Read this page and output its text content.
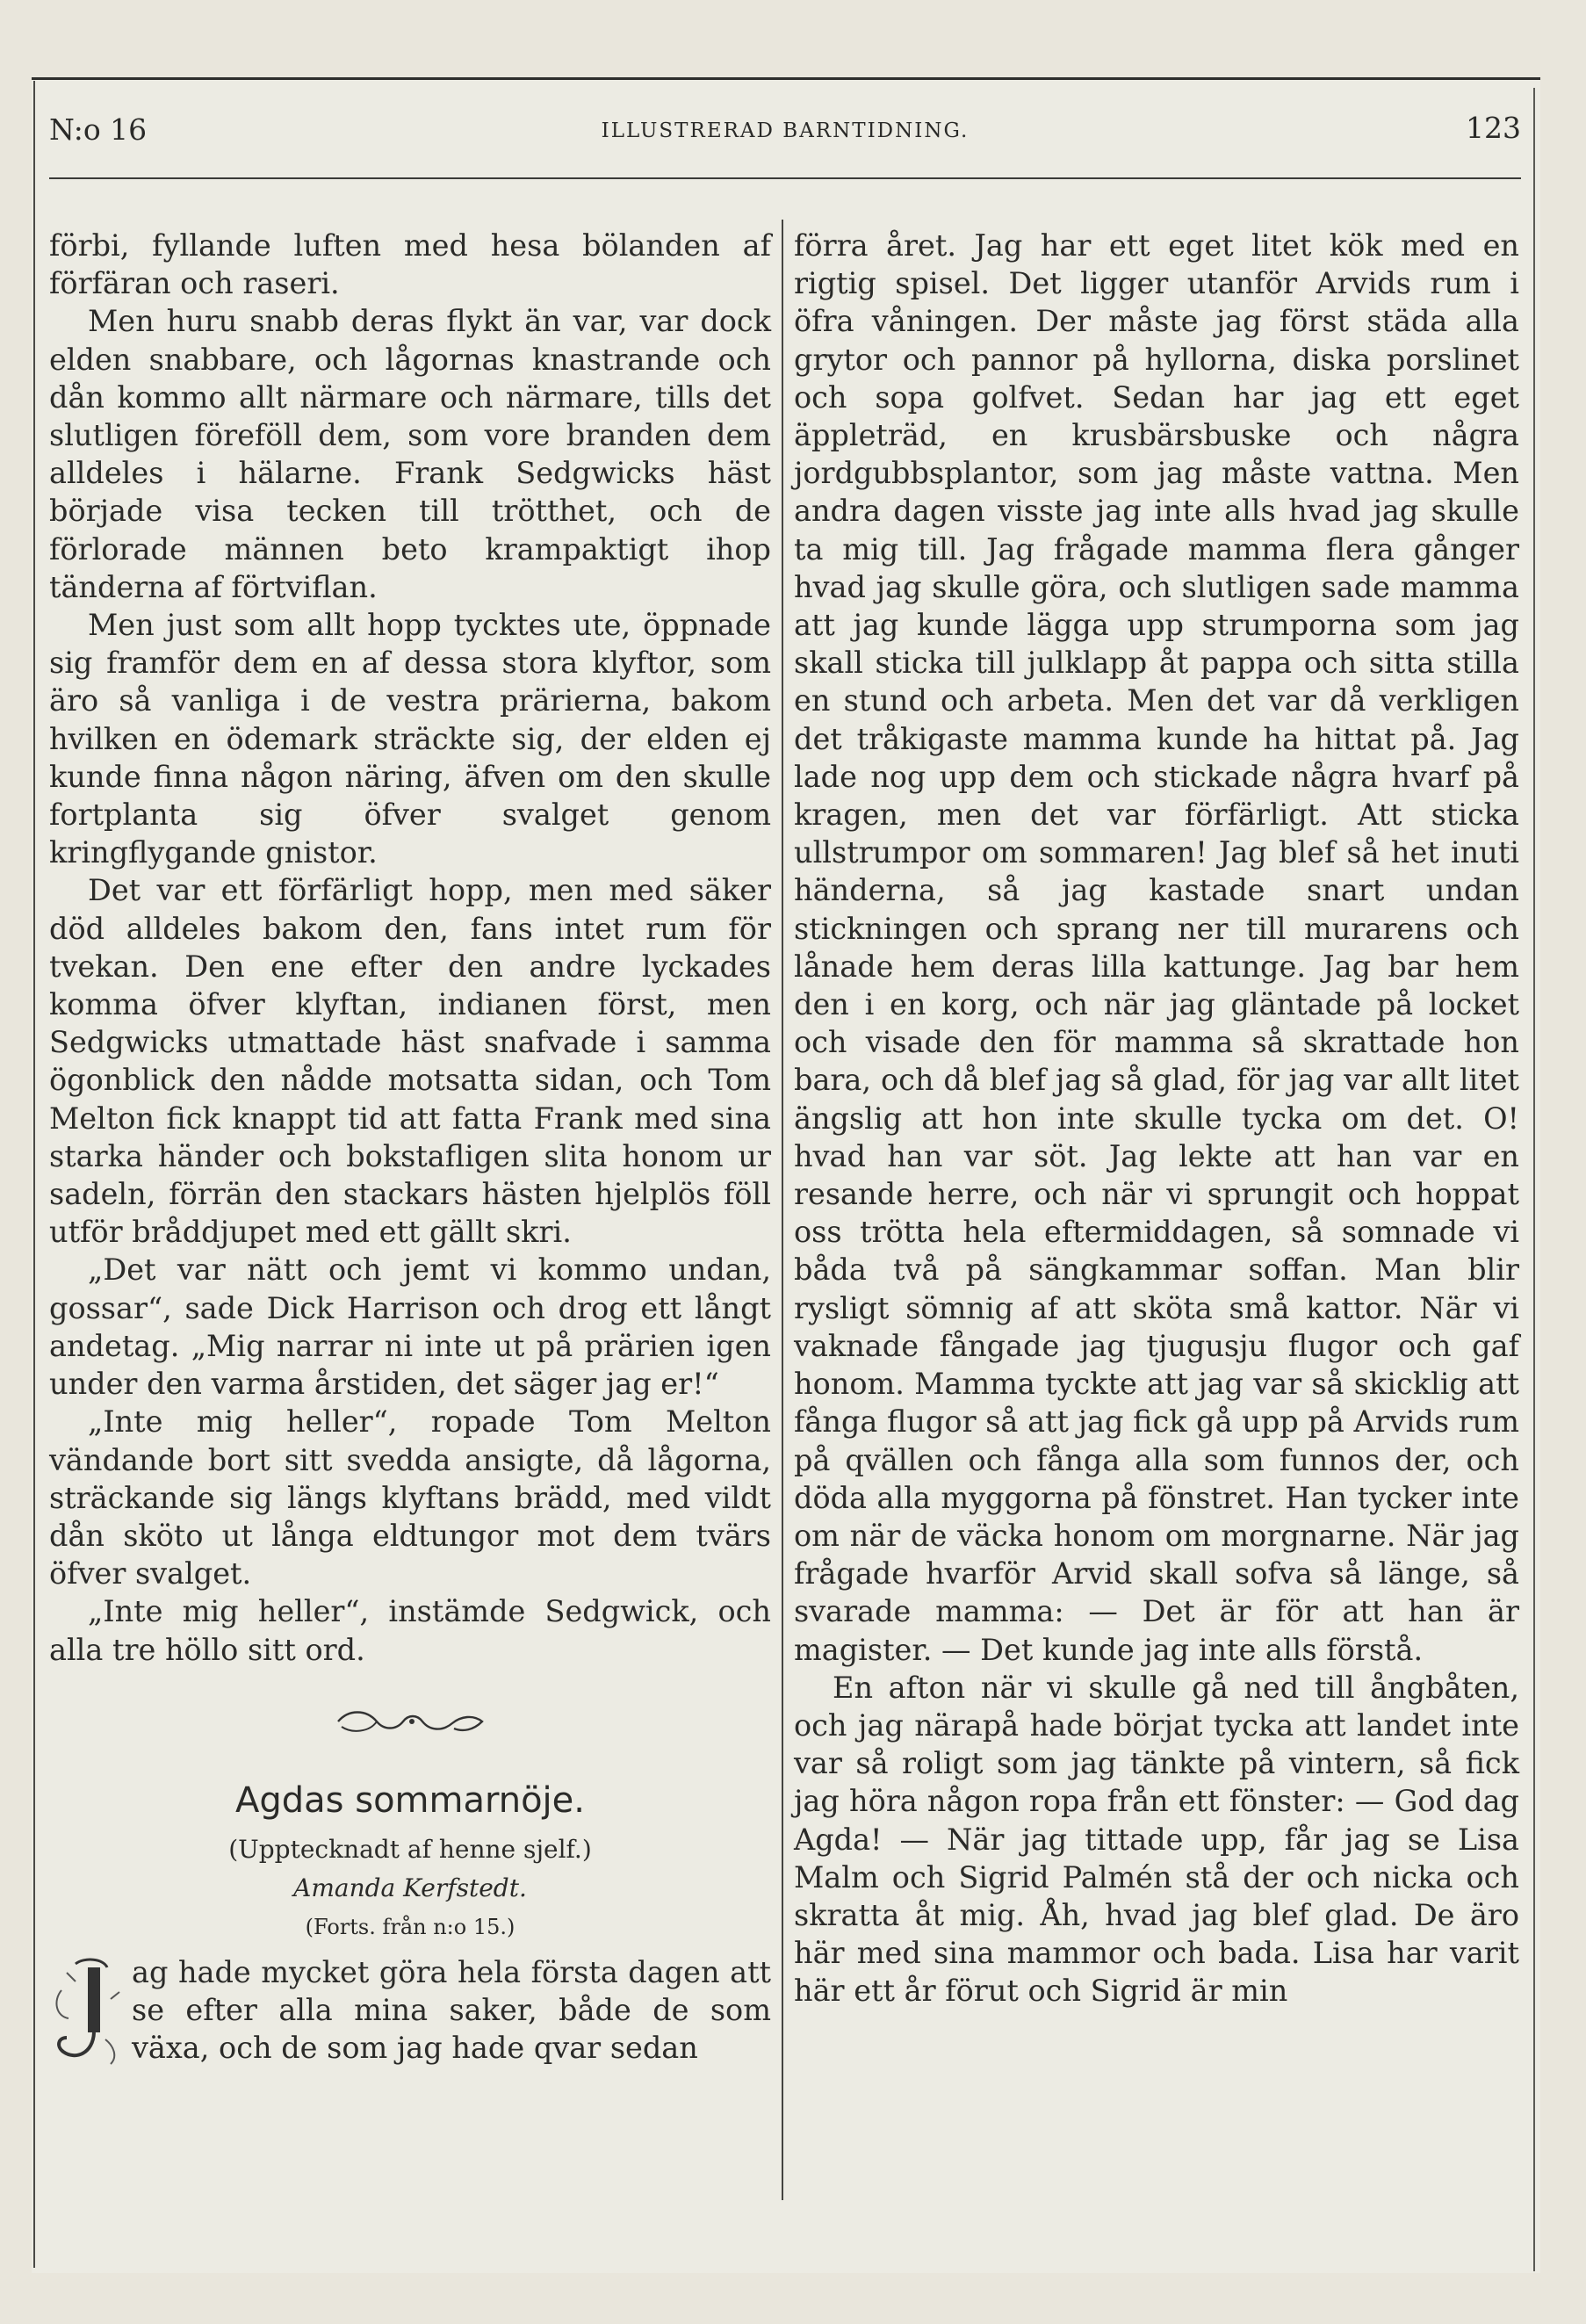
N:o 16	ILLUSTRERAD BARNTIDNING.	123

förbi, fyllande luften med hesa bölanden af förfäran och raseri.

Men huru snabb deras flykt än var, var dock elden snabbare, och lågornas knastrande och dån kommo allt närmare och närmare, tills det slutligen föreföll dem, som vore branden dem alldeles i hälarne. Frank Sedgwicks häst började visa tecken till trötthet, och de förlorade männen beto krampaktigt ihop tänderna af förtviflan.

Men just som allt hopp tycktes ute, öppnade sig framför dem en af dessa stora klyftor, som äro så vanliga i de vestra prärierna, bakom hvilken en ödemark sträckte sig, der elden ej kunde finna någon näring, äfven om den skulle fortplanta sig öfver svalget genom kringflygande gnistor.

Det var ett förfärligt hopp, men med säker död alldeles bakom den, fans intet rum för tvekan. Den ene efter den andre lyckades komma öfver klyftan, indianen först, men Sedgwicks utmattade häst snafvade i samma ögonblick den nådde motsatta sidan, och Tom Melton fick knappt tid att fatta Frank med sina starka händer och bokstafligen slita honom ur sadeln, förrän den stackars hästen hjelplös föll utför bråddjupet med ett gällt skri.

„Det var nätt och jemt vi kommo undan, gossar“, sade Dick Harrison och drog ett långt andetag. „Mig narrar ni inte ut på prärien igen under den varma årstiden, det säger jag er!“

„Inte mig heller“, ropade Tom Melton vändande bort sitt svedda ansigte, då lågorna, sträckande sig längs klyftans brädd, med vildt dån sköto ut långa eldtungor mot dem tvärs öfver svalget.

„Inte mig heller“, instämde Sedgwick, och alla tre höllo sitt ord.

Agdas sommarnöje.
(Upptecknadt af henne sjelf.)
Amanda Kerfstedt.
(Forts. från n:o 15.)

ag hade mycket göra hela första dagen att se efter alla mina saker, både de som växa, och de som jag hade qvar sedan

förra året. Jag har ett eget litet kök med en rigtig spisel. Det ligger utanför Arvids rum i öfra våningen. Der måste jag först städa alla grytor och pannor på hyllorna, diska porslinet och sopa golfvet. Sedan har jag ett eget äppleträd, en krusbärsbuske och några jordgubbsplantor, som jag måste vattna. Men andra dagen visste jag inte alls hvad jag skulle ta mig till. Jag frågade mamma flera gånger hvad jag skulle göra, och slutligen sade mamma att jag kunde lägga upp strumporna som jag skall sticka till julklapp åt pappa och sitta stilla en stund och arbeta. Men det var då verkligen det tråkigaste mamma kunde ha hittat på. Jag lade nog upp dem och stickade några hvarf på kragen, men det var förfärligt. Att sticka ullstrumpor om sommaren! Jag blef så het inuti händerna, så jag kastade snart undan stickningen och sprang ner till murarens och lånade hem deras lilla kattunge. Jag bar hem den i en korg, och när jag gläntade på locket och visade den för mamma så skrattade hon bara, och då blef jag så glad, för jag var allt litet ängslig att hon inte skulle tycka om det. O! hvad han var söt. Jag lekte att han var en resande herre, och när vi sprungit och hoppat oss trötta hela eftermiddagen, så somnade vi båda två på sängkammar soffan. Man blir rysligt sömnig af att sköta små kattor. När vi vaknade fångade jag tjugusju flugor och gaf honom. Mamma tyckte att jag var så skicklig att fånga flugor så att jag fick gå upp på Arvids rum på qvällen och fånga alla som funnos der, och döda alla myggorna på fönstret. Han tycker inte om när de väcka honom om morgnarne. När jag frågade hvarför Arvid skall sofva så länge, så svarade mamma: — Det är för att han är magister. — Det kunde jag inte alls förstå.

En afton när vi skulle gå ned till ångbåten, och jag närapå hade börjat tycka att landet inte var så roligt som jag tänkte på vintern, så fick jag höra någon ropa från ett fönster: — God dag Agda! — När jag tittade upp, får jag se Lisa Malm och Sigrid Palmén stå der och nicka och skratta åt mig. Åh, hvad jag blef glad. De äro här med sina mammor och bada. Lisa har varit här ett år förut och Sigrid är min
